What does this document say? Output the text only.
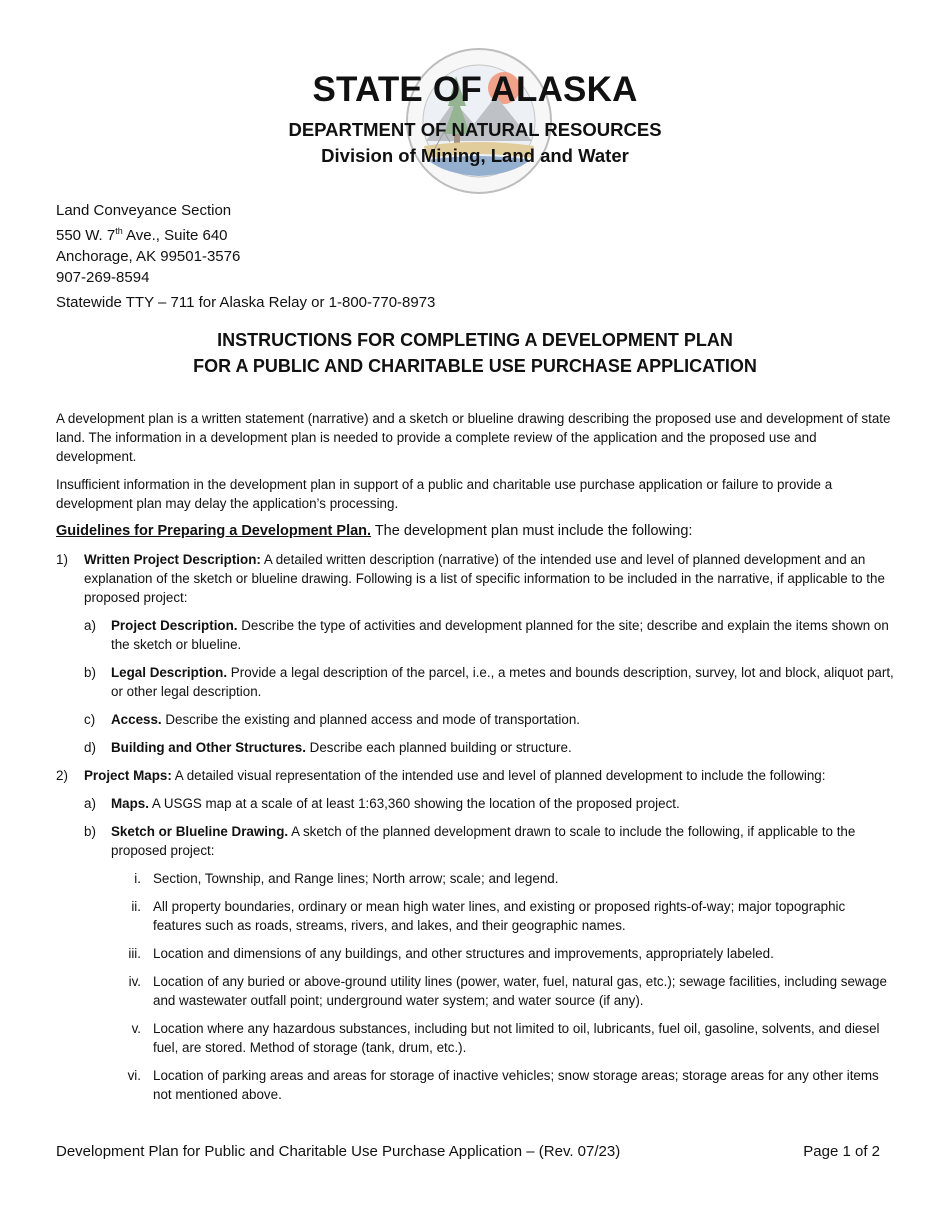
STATE OF ALASKA
DEPARTMENT OF NATURAL RESOURCES
Division of Mining, Land and Water
Land Conveyance Section
550 W. 7th Ave., Suite 640
Anchorage, AK 99501-3576
907-269-8594
Statewide TTY – 711 for Alaska Relay or 1-800-770-8973
INSTRUCTIONS FOR COMPLETING A DEVELOPMENT PLAN
FOR A PUBLIC AND CHARITABLE USE PURCHASE APPLICATION

A development plan is a written statement (narrative) and a sketch or blueline drawing describing the proposed use and development of state land. The information in a development plan is needed to provide a complete review of the application and the proposed use and development.

Insufficient information in the development plan in support of a public and charitable use purchase application or failure to provide a development plan may delay the application’s processing.

Guidelines for Preparing a Development Plan. The development plan must include the following:

1) Written Project Description: A detailed written description (narrative) of the intended use and level of planned development and an explanation of the sketch or blueline drawing. Following is a list of specific information to be included in the narrative, if applicable to the proposed project:
a) Project Description. Describe the type of activities and development planned for the site; describe and explain the items shown on the sketch or blueline.
b) Legal Description. Provide a legal description of the parcel, i.e., a metes and bounds description, survey, lot and block, aliquot part, or other legal description.
c) Access. Describe the existing and planned access and mode of transportation.
d) Building and Other Structures. Describe each planned building or structure.
2) Project Maps: A detailed visual representation of the intended use and level of planned development to include the following:
a) Maps. A USGS map at a scale of at least 1:63,360 showing the location of the proposed project.
b) Sketch or Blueline Drawing. A sketch of the planned development drawn to scale to include the following, if applicable to the proposed project:
i. Section, Township, and Range lines; North arrow; scale; and legend.
ii. All property boundaries, ordinary or mean high water lines, and existing or proposed rights-of-way; major topographic features such as roads, streams, rivers, and lakes, and their geographic names.
iii. Location and dimensions of any buildings, and other structures and improvements, appropriately labeled.
iv. Location of any buried or above-ground utility lines (power, water, fuel, natural gas, etc.); sewage facilities, including sewage and wastewater outfall point; underground water system; and water source (if any).
v. Location where any hazardous substances, including but not limited to oil, lubricants, fuel oil, gasoline, solvents, and diesel fuel, are stored. Method of storage (tank, drum, etc.).
vi. Location of parking areas and areas for storage of inactive vehicles; snow storage areas; storage areas for any other items not mentioned above.
Development Plan for Public and Charitable Use Purchase Application – (Rev. 07/23)	Page 1 of 2
